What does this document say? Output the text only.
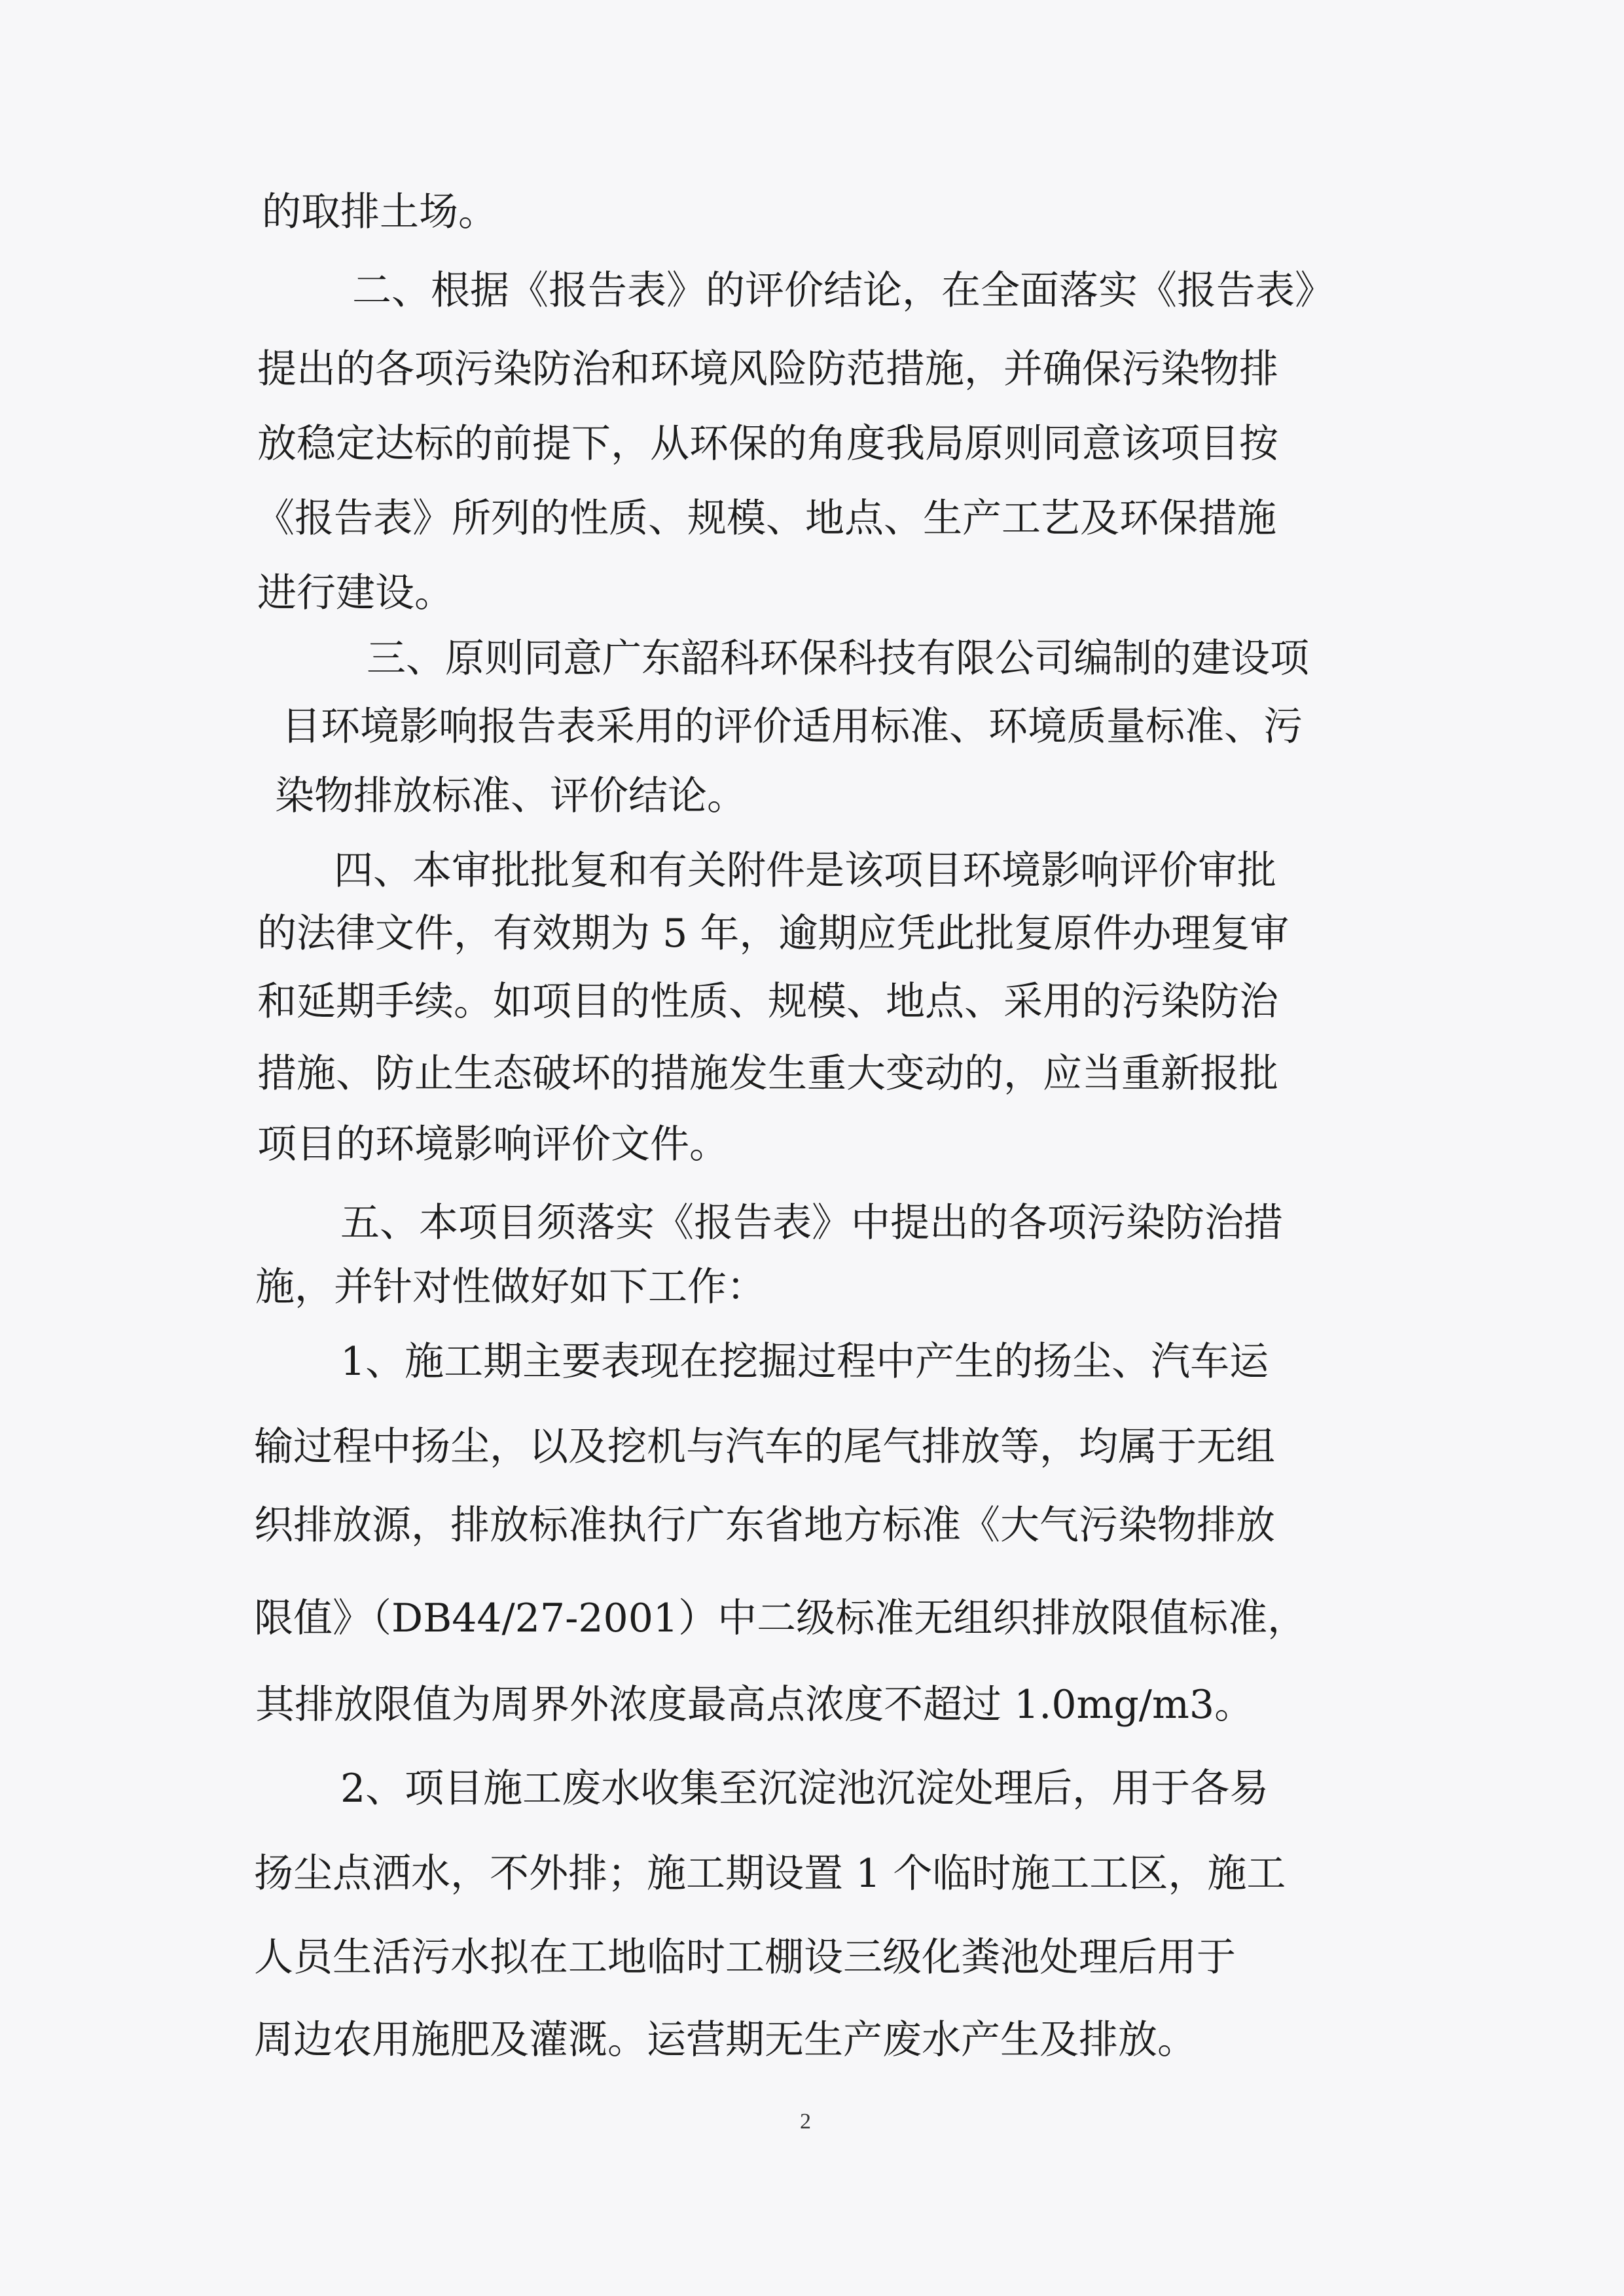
的取排土场。
二、根据《报告表》的评价结论，在全面落实《报告表》
提出的各项污染防治和环境风险防范措施，并确保污染物排
放稳定达标的前提下，从环保的角度我局原则同意该项目按
《报告表》所列的性质、规模、地点、生产工艺及环保措施
进行建设。
三、原则同意广东韶科环保科技有限公司编制的建设项
目环境影响报告表采用的评价适用标准、环境质量标准、污
染物排放标准、评价结论。
四、本审批批复和有关附件是该项目环境影响评价审批
的法律文件，有效期为 5 年，逾期应凭此批复原件办理复审
和延期手续。如项目的性质、规模、地点、采用的污染防治
措施、防止生态破坏的措施发生重大变动的，应当重新报批
项目的环境影响评价文件。
五、本项目须落实《报告表》中提出的各项污染防治措
施，并针对性做好如下工作：
1、施工期主要表现在挖掘过程中产生的扬尘、汽车运
输过程中扬尘，以及挖机与汽车的尾气排放等，均属于无组
织排放源，排放标准执行广东省地方标准《大气污染物排放
限值》（DB44/27-2001）中二级标准无组织排放限值标准，
其排放限值为周界外浓度最高点浓度不超过 1.0mg/m3。
2、项目施工废水收集至沉淀池沉淀处理后，用于各易
扬尘点洒水，不外排；施工期设置 1 个临时施工工区，施工
人员生活污水拟在工地临时工棚设三级化粪池处理后用于
周边农用施肥及灌溉。运营期无生产废水产生及排放。
2
